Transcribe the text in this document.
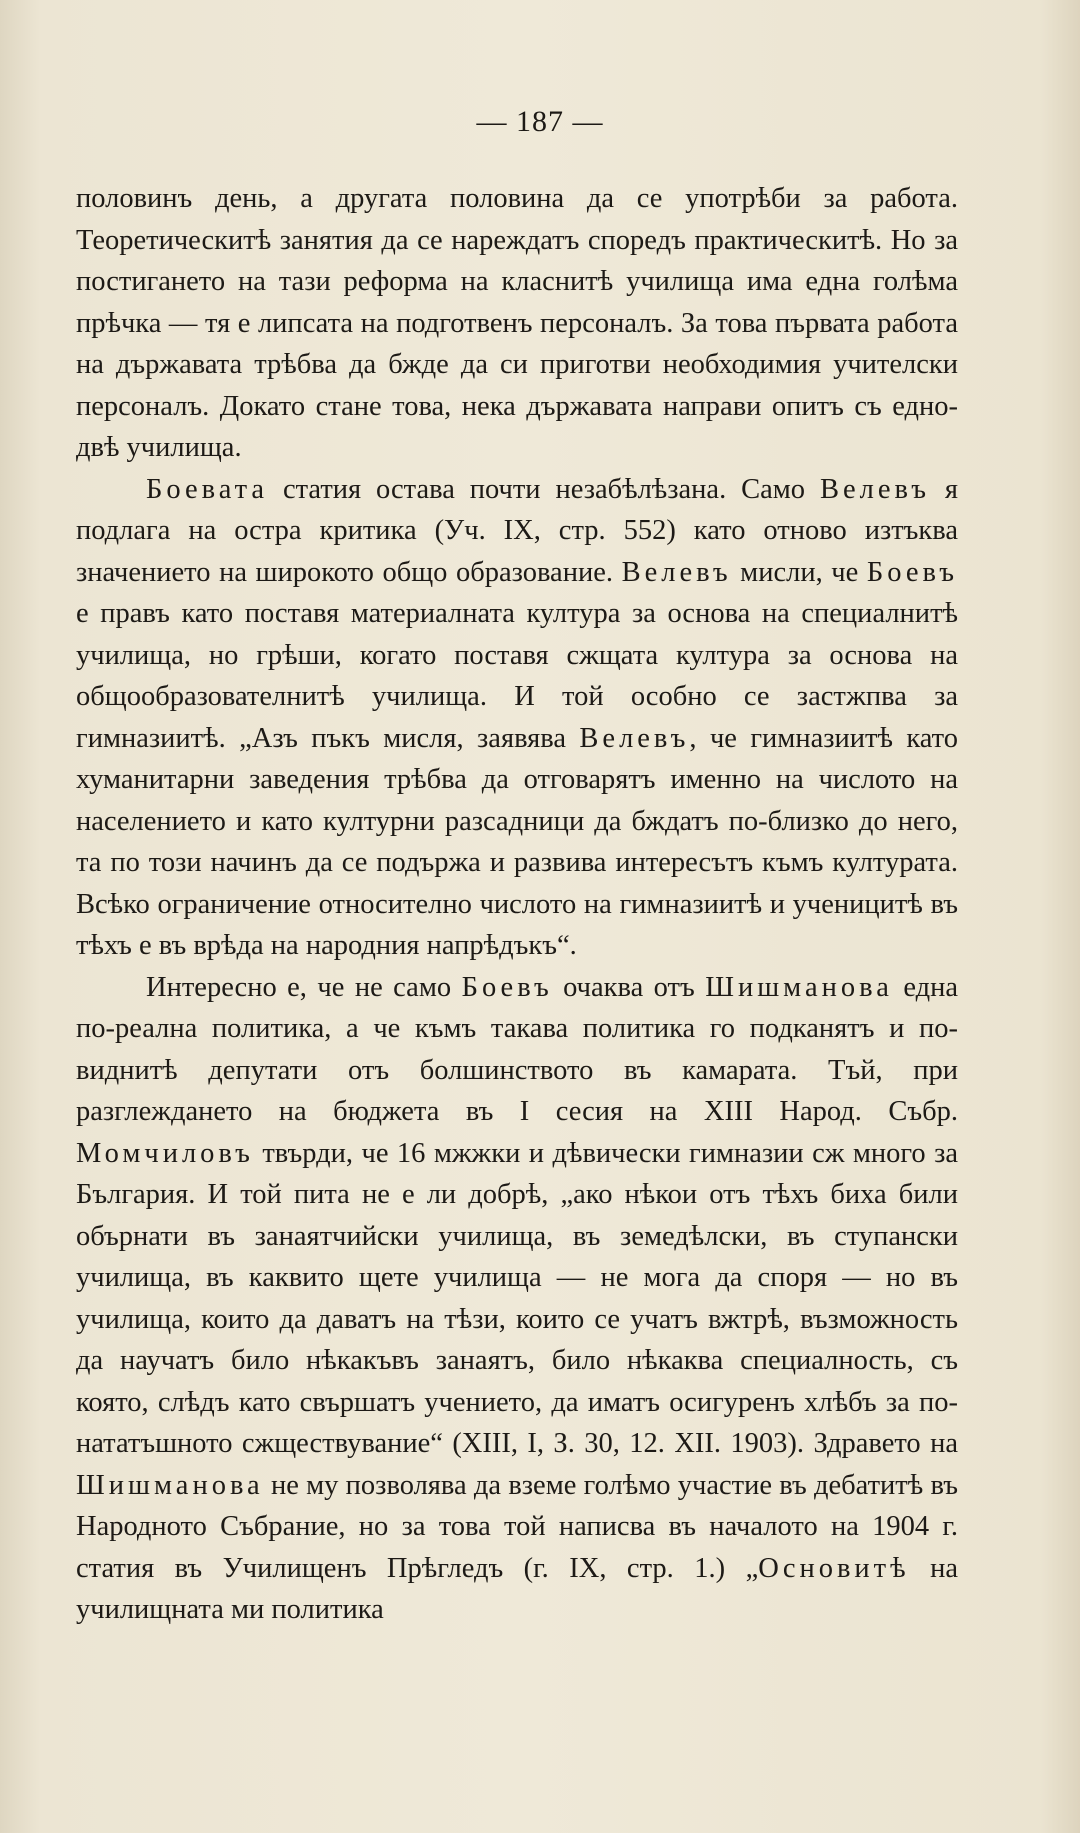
— 187 —

половинъ день, а другата половина да се употрѣби за работа. Теоретическитѣ занятия да се нареждатъ споредъ практическитѣ. Но за постигането на тази реформа на класнитѣ училища има една голѣма прѣчка — тя е липсата на подготвенъ персоналъ. За това първата работа на държавата трѣбва да бжде да си приготви необходимия учителски персоналъ. Докато стане това, нека държавата направи опитъ съ едно-двѣ училища.

Боевата статия остава почти незабѣлѣзана. Само Велевъ я подлага на остра критика (Уч. IX, стр. 552) като отново изтъква значението на широкото общо образование. Велевъ мисли, че Боевъ е правъ като поставя материалната култура за основа на специалнитѣ училища, но грѣши, когато поставя сжщата култура за основа на общообразователнитѣ училища. И той особно се застжпва за гимназиитѣ. „Азъ пъкъ мисля, заявява Велевъ, че гимназиитѣ като хуманитарни заведения трѣбва да отговарятъ именно на числото на населението и като културни разсадници да бждатъ по-близко до него, та по този начинъ да се подържа и развива интересътъ къмъ културата. Всѣко ограничение относително числото на гимназиитѣ и ученицитѣ въ тѣхъ е въ врѣда на народния напрѣдъкъ“.

Интересно е, че не само Боевъ очаква отъ Шишманова една по-реална политика, а че къмъ такава политика го подканятъ и по-виднитѣ депутати отъ болшинството въ камарата. Тъй, при разглеждането на бюджета въ I сесия на XIII Народ. Събр. Момчиловъ твърди, че 16 мжжки и дѣвически гимназии сж много за България. И той пита не е ли добрѣ, „ако нѣкои отъ тѣхъ биха били обърнати въ занаятчийски училища, въ земедѣлски, въ ступански училища, въ каквито щете училища — не мога да споря — но въ училища, които да даватъ на тѣзи, които се учатъ вжтрѣ, възможность да научатъ било нѣкакъвъ занаятъ, било нѣкаква специалность, съ която, слѣдъ като свършатъ учението, да иматъ осигуренъ хлѣбъ за по-нататъшното сжществувание“ (XIII, I, З. 30, 12. XII. 1903). Здравето на Шишманова не му позволява да вземе голѣмо участие въ дебатитѣ въ Народното Събрание, но за това той написва въ началото на 1904 г. статия въ Училищенъ Прѣгледъ (г. IX, стр. 1.) „Основитѣ на училищната ми политика
